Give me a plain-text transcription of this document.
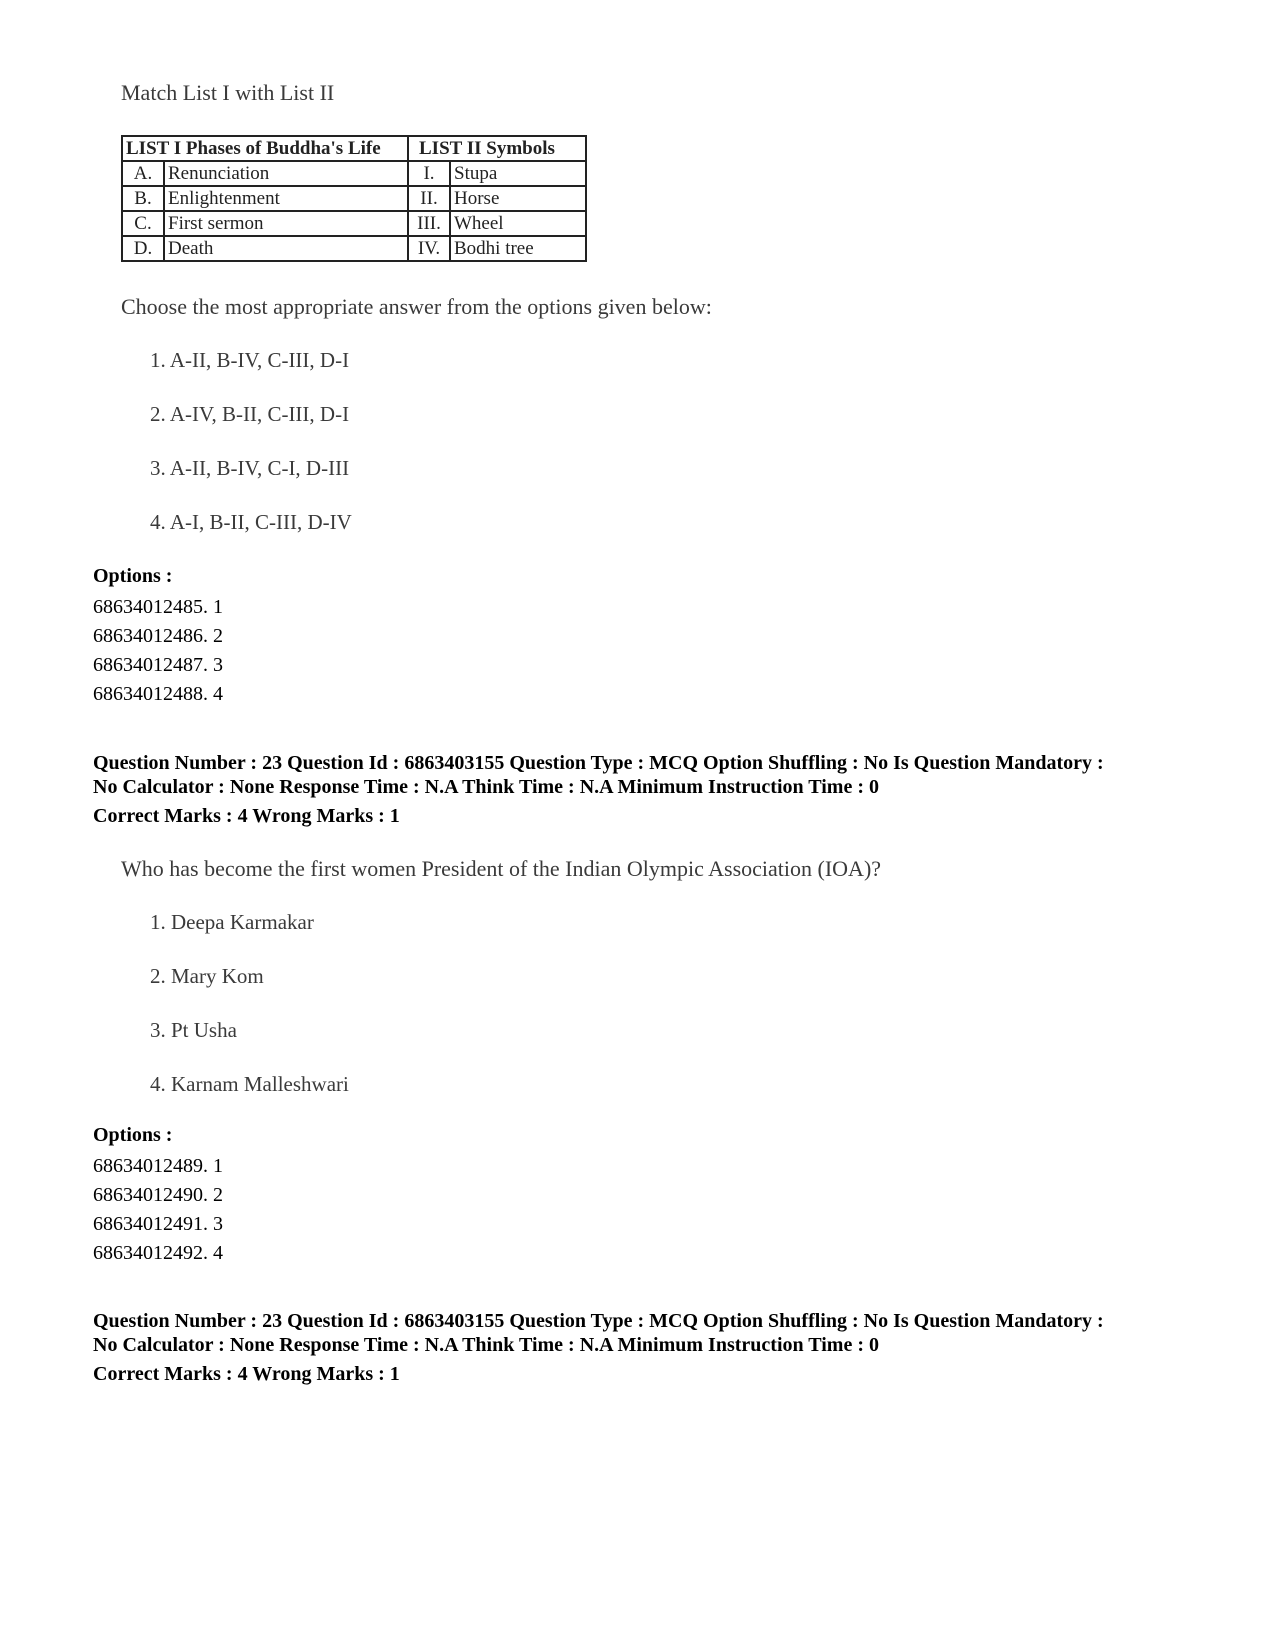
Match List I with List II
LIST I Phases of Buddha's Life		LIST II Symbols	
A.	Renunciation	I.	Stupa
B.	Enlightenment	II.	Horse
C.	First sermon	III.	Wheel
D.	Death	IV.	Bodhi tree
Choose the most appropriate answer from the options given below:
1. A-II, B-IV, C-III, D-I
2. A-IV, B-II, C-III, D-I
3. A-II, B-IV, C-I, D-III
4. A-I, B-II, C-III, D-IV
Options :
68634012485. 1
68634012486. 2
68634012487. 3
68634012488. 4
Question Number : 23 Question Id : 6863403155 Question Type : MCQ Option Shuffling : No Is Question Mandatory :
No Calculator : None Response Time : N.A Think Time : N.A Minimum Instruction Time : 0
Correct Marks : 4 Wrong Marks : 1
Who has become the first women President of the Indian Olympic Association (IOA)?
1. Deepa Karmakar
2. Mary Kom
3. Pt Usha
4. Karnam Malleshwari
Options :
68634012489. 1
68634012490. 2
68634012491. 3
68634012492. 4
Question Number : 23 Question Id : 6863403155 Question Type : MCQ Option Shuffling : No Is Question Mandatory :
No Calculator : None Response Time : N.A Think Time : N.A Minimum Instruction Time : 0
Correct Marks : 4 Wrong Marks : 1
